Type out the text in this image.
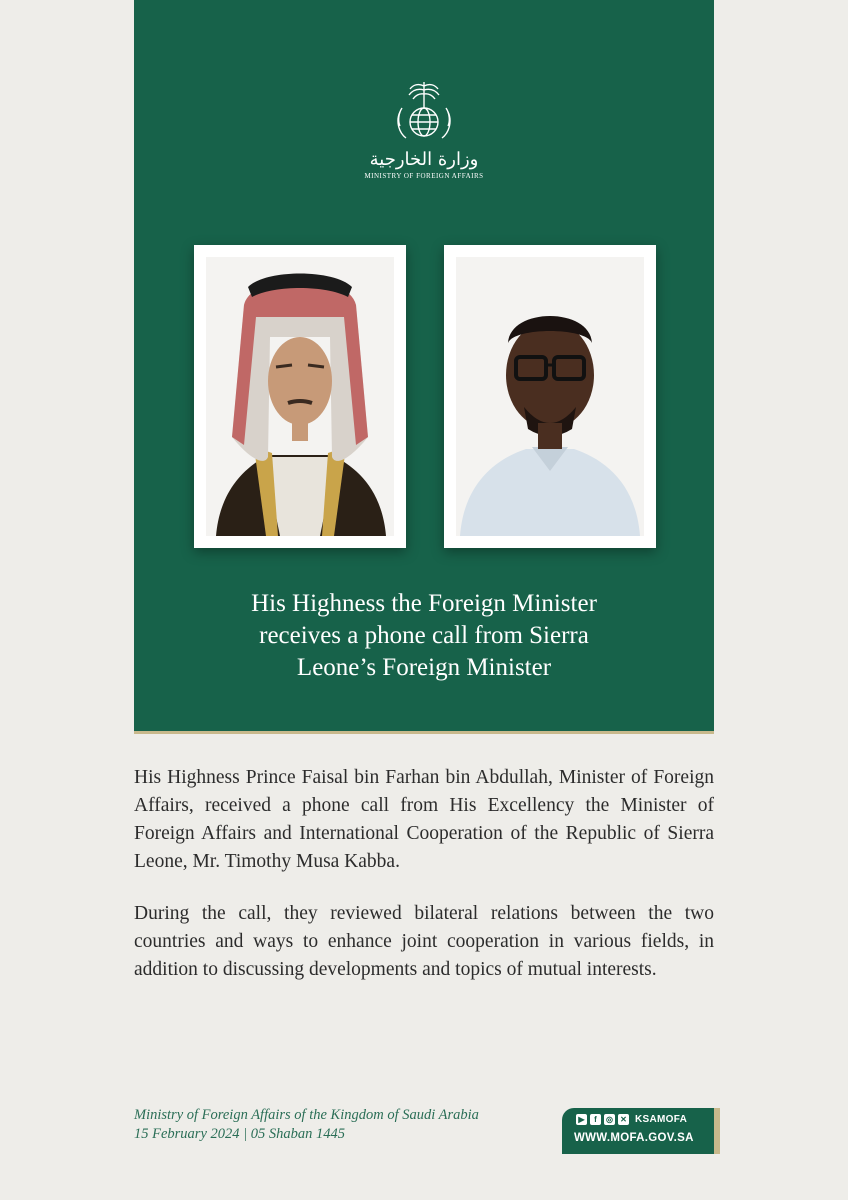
وزارة الخارجية
MINISTRY OF FOREIGN AFFAIRS
His Highness the Foreign Minister
receives a phone call from Sierra
Leone’s Foreign Minister

His Highness Prince Faisal bin Farhan bin Abdullah, Minister of Foreign Affairs, received a phone call from His Excellency the Minister of Foreign Affairs and International Cooperation of the Republic of Sierra Leone, Mr. Timothy Musa Kabba.

During the call, they reviewed bilateral relations between the two countries and ways to enhance joint cooperation in various fields, in addition to discussing developments and topics of mutual interests.

Ministry of Foreign Affairs of the Kingdom of Saudi Arabia
15 February 2024 | 05 Shaban 1445
▶	f	◎ ✕ KSAMOFA
WWW.MOFA.GOV.SA
